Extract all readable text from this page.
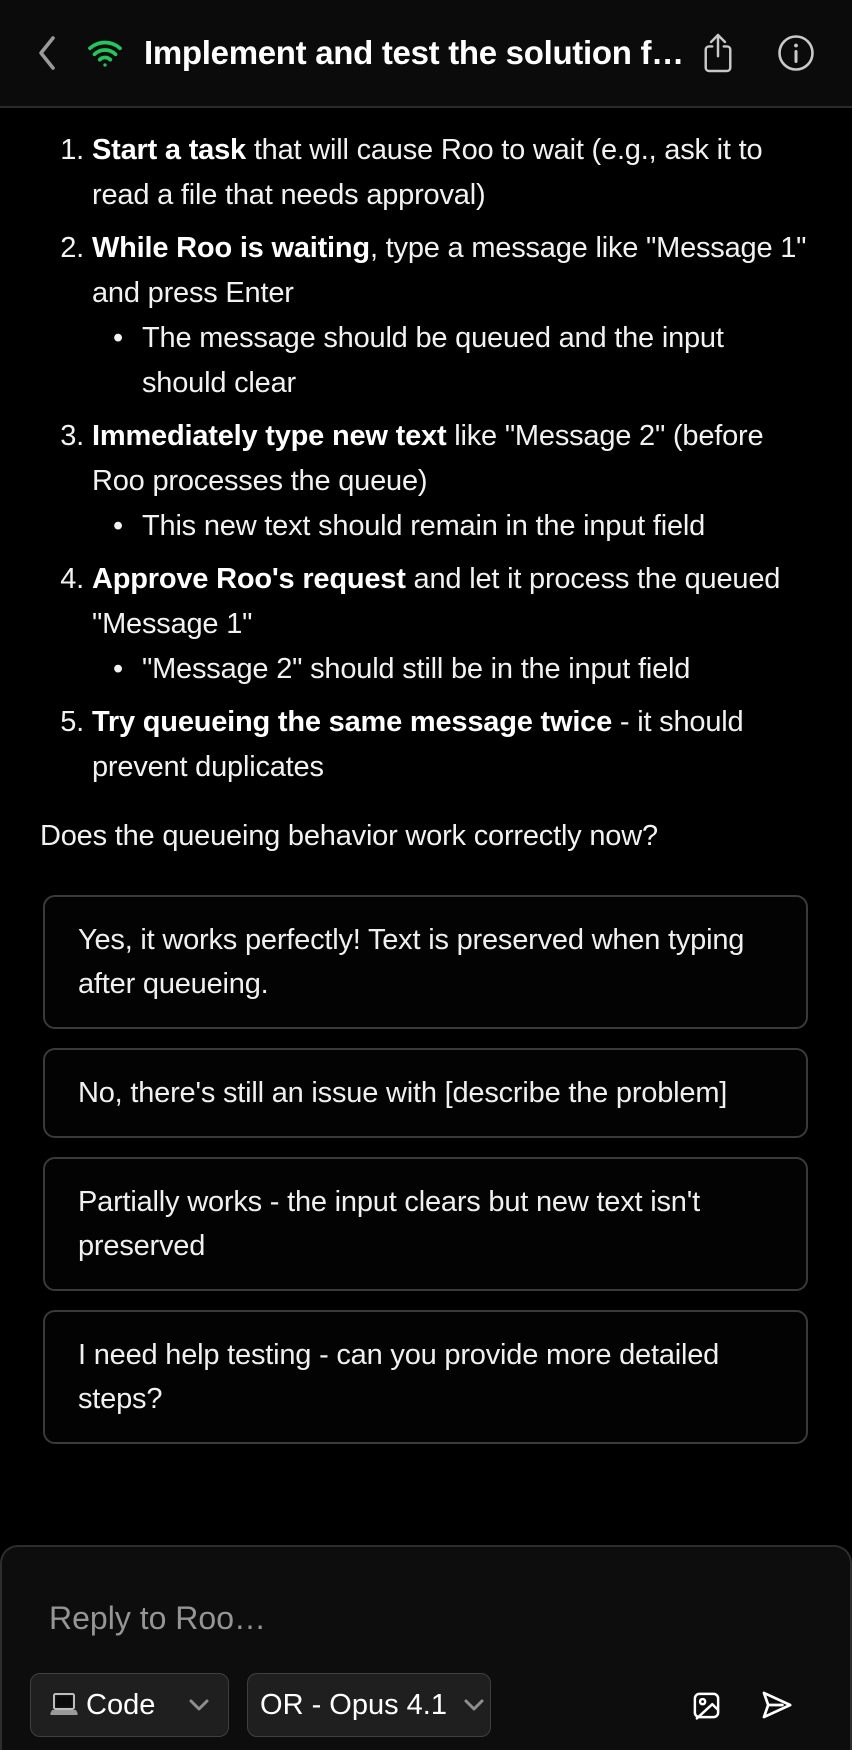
Implement and test the solution f…
1. Start a task that will cause Roo to wait (e.g., ask it to read a file that needs approval)
2. While Roo is waiting, type a message like "Message 1" and press Enter
• The message should be queued and the input should clear
3. Immediately type new text like "Message 2" (before Roo processes the queue)
• This new text should remain in the input field
4. Approve Roo's request and let it process the queued "Message 1"
• "Message 2" should still be in the input field
5. Try queueing the same message twice - it should prevent duplicates
Does the queueing behavior work correctly now?
Yes, it works perfectly! Text is preserved when typing after queueing.
No, there's still an issue with [describe the problem]
Partially works - the input clears but new text isn't preserved
I need help testing - can you provide more detailed steps?
Reply to Roo…
Code	OR - Opus 4.1
